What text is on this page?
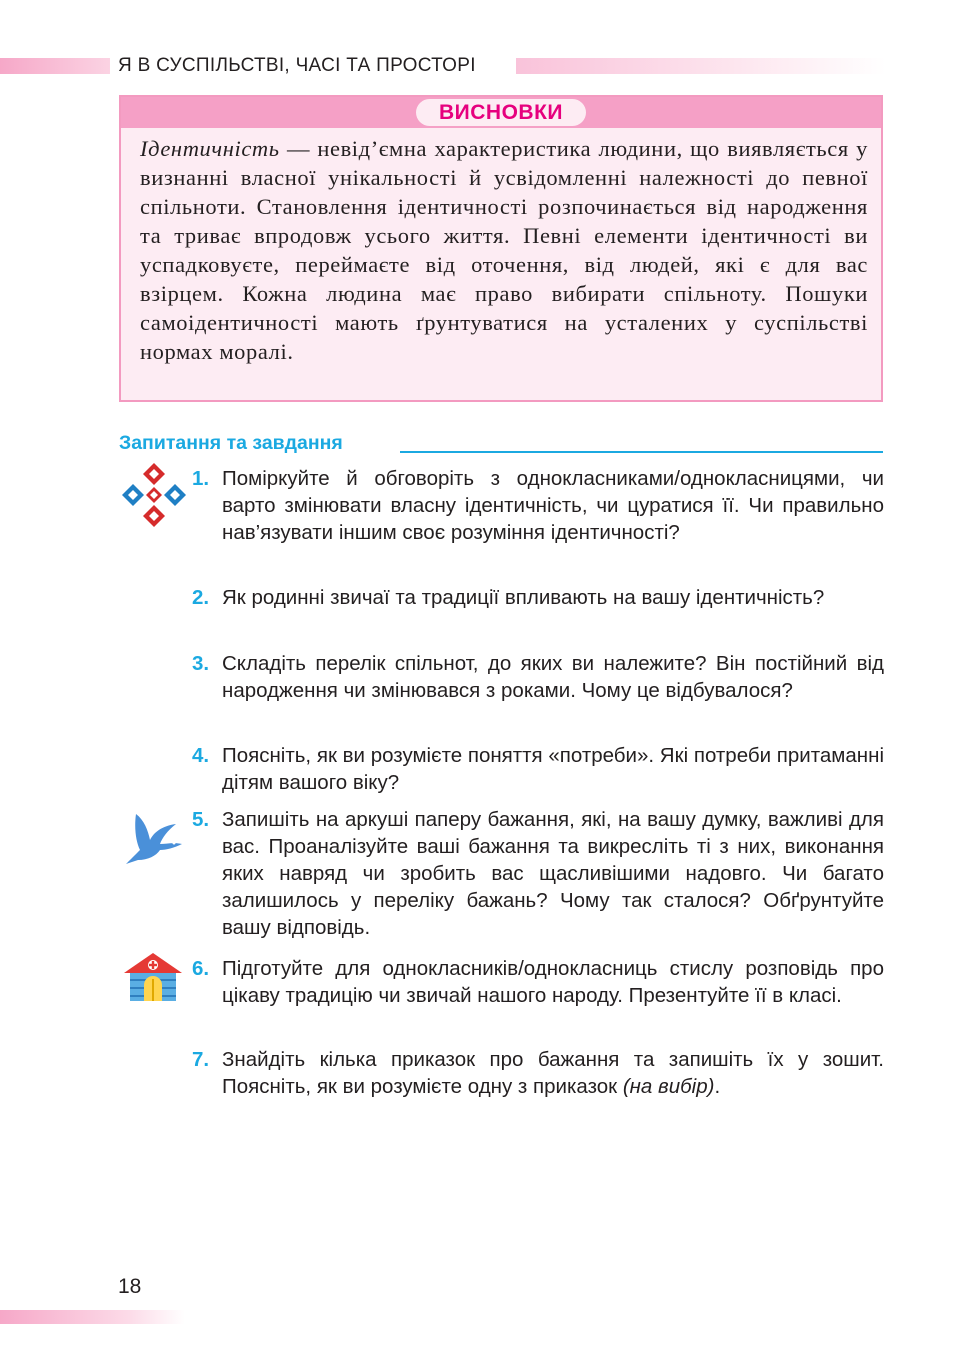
Я В СУСПІЛЬСТВІ, ЧАСІ ТА ПРОСТОРІ
ВИСНОВКИ
Ідентичність — невід’ємна характеристика людини, що виявляється у визнанні власної унікальності й усвідомленні належності до певної спільноти. Становлення ідентичності розпочинається від народження та триває впродовж усього життя. Певні елементи ідентичності ви успадковуєте, переймаєте від оточення, від людей, які є для вас взірцем. Кожна людина має право вибирати спільноту. Пошуки самоідентичності мають ґрунтуватися на усталених у суспільстві нормах моралі.
Запитання та завдання
1. Поміркуйте й обговоріть з однокласниками/однокласницями, чи варто змінювати власну ідентичність, чи цуратися її. Чи правильно нав’язувати іншим своє розуміння ідентичності?
2. Як родинні звичаї та традиції впливають на вашу ідентичність?
3. Складіть перелік спільнот, до яких ви належите? Він постійний від народження чи змінювався з роками. Чому це відбувалося?
4. Поясніть, як ви розумієте поняття «потреби». Які потреби притаманні дітям вашого віку?
5. Запишіть на аркуші паперу бажання, які, на вашу думку, важливі для вас. Проаналізуйте ваші бажання та викресліть ті з них, виконання яких навряд чи зробить вас щасливішими надовго. Чи багато залишилось у переліку бажань? Чому так сталося? Обґрунтуйте вашу відповідь.
6. Підготуйте для однокласників/однокласниць стислу розповідь про цікаву традицію чи звичай нашого народу. Презентуйте її в класі.
7. Знайдіть кілька приказок про бажання та запишіть їх у зошит. Поясніть, як ви розумієте одну з приказок (на вибір).
18
